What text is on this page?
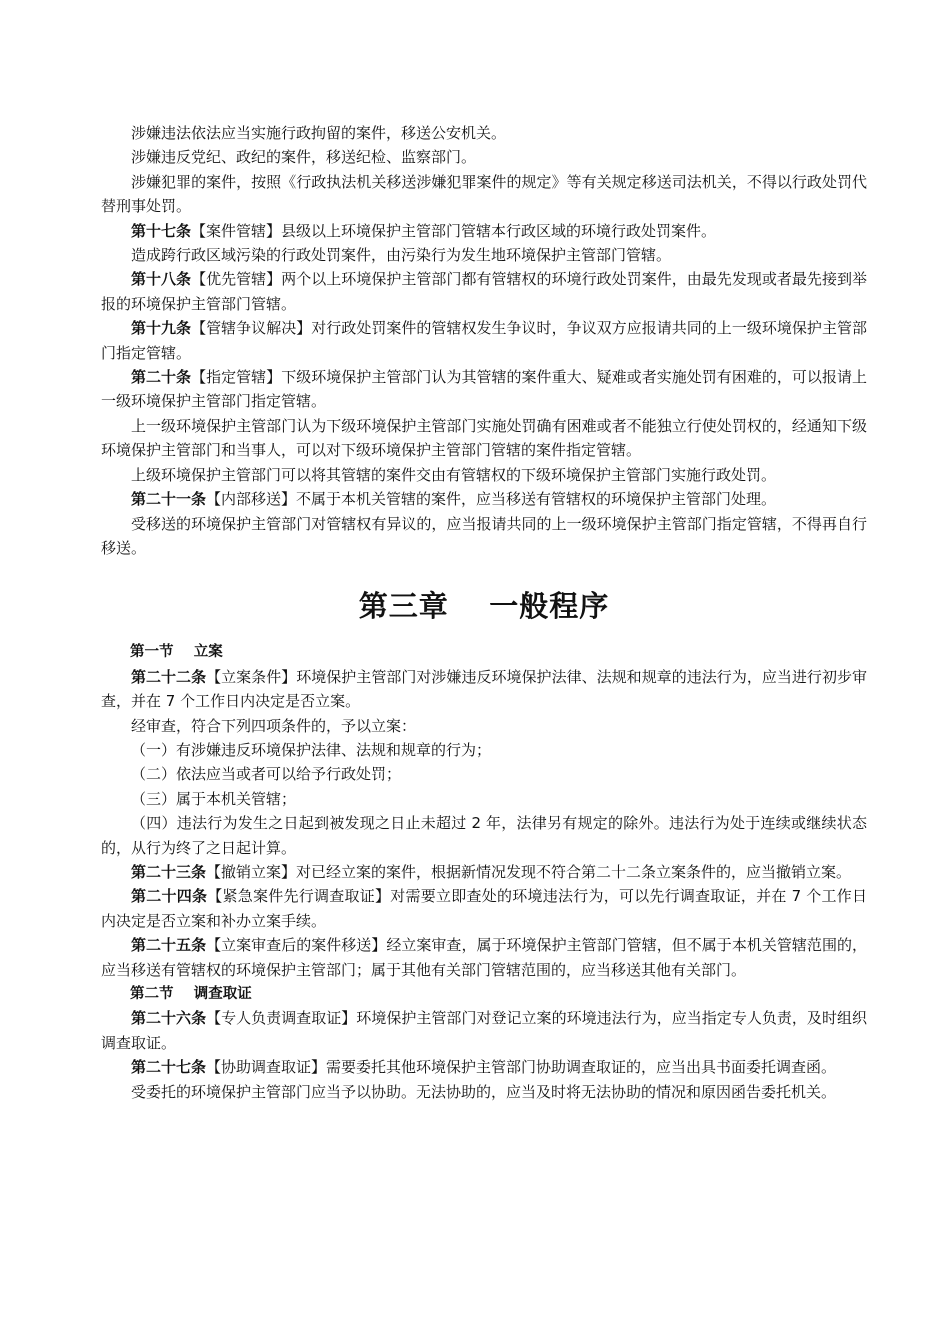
涉嫌违法依法应当实施行政拘留的案件，移送公安机关。

涉嫌违反党纪、政纪的案件，移送纪检、监察部门。

涉嫌犯罪的案件，按照《行政执法机关移送涉嫌犯罪案件的规定》等有关规定移送司法机关，不得以行政处罚代替刑事处罚。

第十七条【案件管辖】县级以上环境保护主管部门管辖本行政区域的环境行政处罚案件。

造成跨行政区域污染的行政处罚案件，由污染行为发生地环境保护主管部门管辖。

第十八条【优先管辖】两个以上环境保护主管部门都有管辖权的环境行政处罚案件，由最先发现或者最先接到举报的环境保护主管部门管辖。

第十九条【管辖争议解决】对行政处罚案件的管辖权发生争议时，争议双方应报请共同的上一级环境保护主管部门指定管辖。

第二十条【指定管辖】下级环境保护主管部门认为其管辖的案件重大、疑难或者实施处罚有困难的，可以报请上一级环境保护主管部门指定管辖。

上一级环境保护主管部门认为下级环境保护主管部门实施处罚确有困难或者不能独立行使处罚权的，经通知下级环境保护主管部门和当事人，可以对下级环境保护主管部门管辖的案件指定管辖。

上级环境保护主管部门可以将其管辖的案件交由有管辖权的下级环境保护主管部门实施行政处罚。

第二十一条【内部移送】不属于本机关管辖的案件，应当移送有管辖权的环境保护主管部门处理。

受移送的环境保护主管部门对管辖权有异议的，应当报请共同的上一级环境保护主管部门指定管辖，不得再自行移送。

第三章 一般程序
第一节 立案

第二十二条【立案条件】环境保护主管部门对涉嫌违反环境保护法律、法规和规章的违法行为，应当进行初步审查，并在 7 个工作日内决定是否立案。

经审查，符合下列四项条件的，予以立案：

（一）有涉嫌违反环境保护法律、法规和规章的行为；

（二）依法应当或者可以给予行政处罚；

（三）属于本机关管辖；

（四）违法行为发生之日起到被发现之日止未超过 2 年，法律另有规定的除外。违法行为处于连续或继续状态的，从行为终了之日起计算。

第二十三条【撤销立案】对已经立案的案件，根据新情况发现不符合第二十二条立案条件的，应当撤销立案。

第二十四条【紧急案件先行调查取证】对需要立即查处的环境违法行为，可以先行调查取证，并在 7 个工作日内决定是否立案和补办立案手续。

第二十五条【立案审查后的案件移送】经立案审查，属于环境保护主管部门管辖，但不属于本机关管辖范围的，应当移送有管辖权的环境保护主管部门；属于其他有关部门管辖范围的，应当移送其他有关部门。

第二节 调查取证

第二十六条【专人负责调查取证】环境保护主管部门对登记立案的环境违法行为，应当指定专人负责，及时组织调查取证。

第二十七条【协助调查取证】需要委托其他环境保护主管部门协助调查取证的，应当出具书面委托调查函。

受委托的环境保护主管部门应当予以协助。无法协助的，应当及时将无法协助的情况和原因函告委托机关。
